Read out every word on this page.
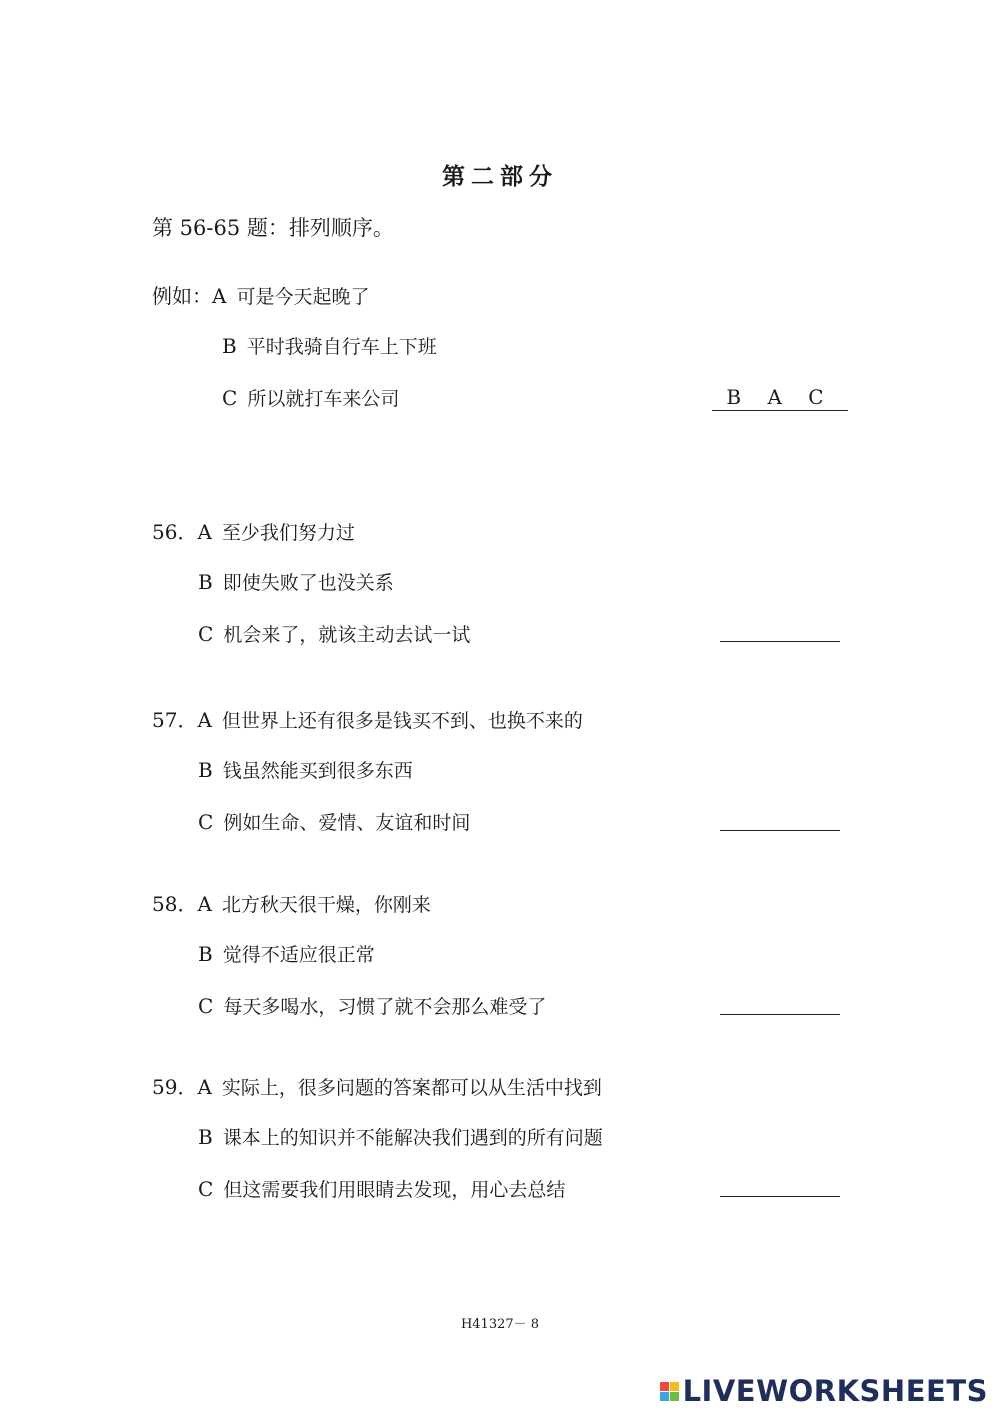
第二部分
第 56-65 题：排列顺序。
例如：A 可是今天起晚了
B 平时我骑自行车上下班
C 所以就打车来公司	B A C
56．A 至少我们努力过
B 即使失败了也没关系
C 机会来了，就该主动去试一试
57．A 但世界上还有很多是钱买不到、也换不来的
B 钱虽然能买到很多东西
C 例如生命、爱情、友谊和时间
58．A 北方秋天很干燥，你刚来
B 觉得不适应很正常
C 每天多喝水，习惯了就不会那么难受了
59．A 实际上，很多问题的答案都可以从生活中找到
B 课本上的知识并不能解决我们遇到的所有问题
C 但这需要我们用眼睛去发现，用心去总结
H41327－ 8
LIVEWORKSHEETS
